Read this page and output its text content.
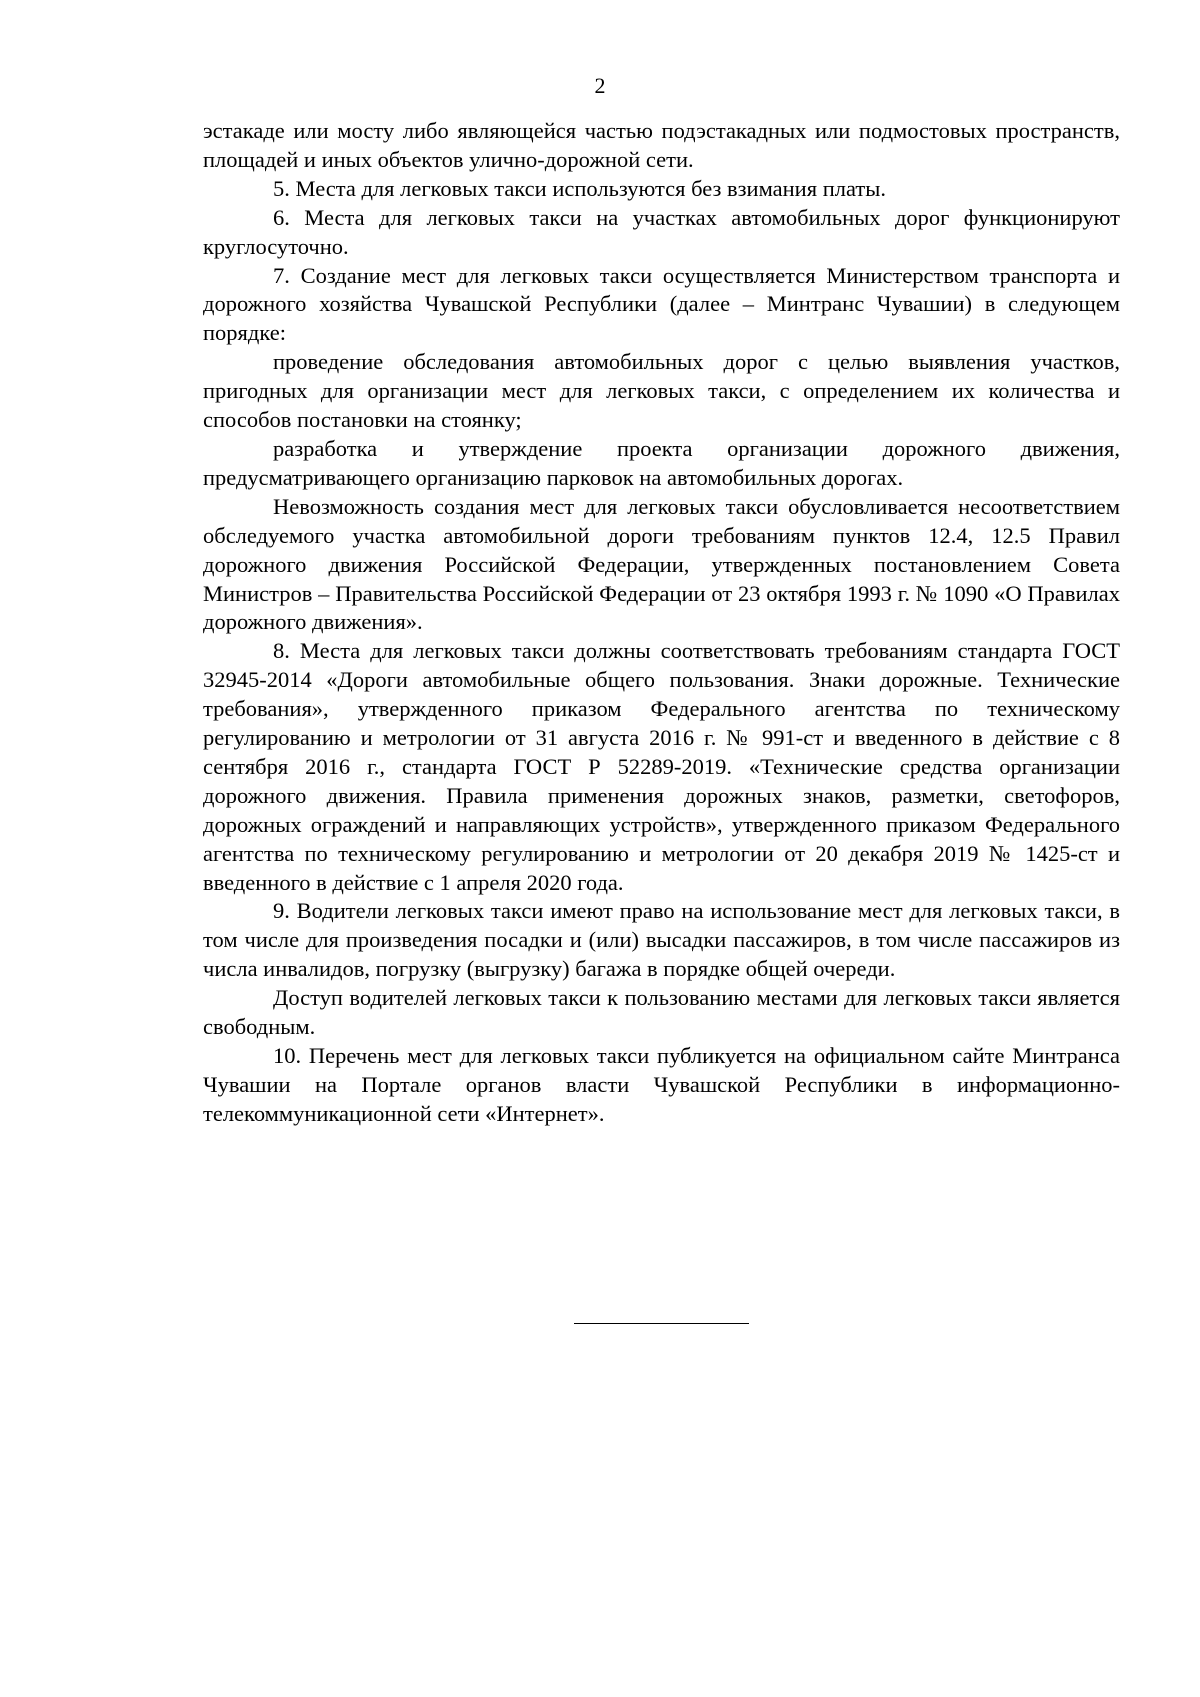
2

эстакаде или мосту либо являющейся частью подэстакадных или подмостовых пространств, площадей и иных объектов улично-дорожной сети.

5. Места для легковых такси используются без взимания платы.

6. Места для легковых такси на участках автомобильных дорог функционируют круглосуточно.

7. Создание мест для легковых такси осуществляется Министерством транспорта и дорожного хозяйства Чувашской Республики (далее – Минтранс Чувашии) в следующем порядке:

проведение обследования автомобильных дорог с целью выявления участков, пригодных для организации мест для легковых такси, с определением их количества и способов постановки на стоянку;

разработка и утверждение проекта организации дорожного движения, предусматривающего организацию парковок на автомобильных дорогах.

Невозможность создания мест для легковых такси обусловливается несоответствием обследуемого участка автомобильной дороги требованиям пунктов 12.4, 12.5 Правил дорожного движения Российской Федерации, утвержденных постановлением Совета Министров – Правительства Российской Федерации от 23 октября 1993 г. № 1090 «О Правилах дорожного движения».

8. Места для легковых такси должны соответствовать требованиям стандарта ГОСТ 32945-2014 «Дороги автомобильные общего пользования. Знаки дорожные. Технические требования», утвержденного приказом Федерального агентства по техническому регулированию и метрологии от 31 августа 2016 г. № 991-ст и введенного в действие с 8 сентября 2016 г., стандарта ГОСТ Р 52289-2019. «Технические средства организации дорожного движения. Правила применения дорожных знаков, разметки, светофоров, дорожных ограждений и направляющих устройств», утвержденного приказом Федерального агентства по техническому регулированию и метрологии от 20 декабря 2019 № 1425-ст и введенного в действие с 1 апреля 2020 года.

9. Водители легковых такси имеют право на использование мест для легковых такси, в том числе для произведения посадки и (или) высадки пассажиров, в том числе пассажиров из числа инвалидов, погрузку (выгрузку) багажа в порядке общей очереди.

Доступ водителей легковых такси к пользованию местами для легковых такси является свободным.

10. Перечень мест для легковых такси публикуется на официальном сайте Минтранса Чувашии на Портале органов власти Чувашской Республики в информационно-телекоммуникационной сети «Интернет».
